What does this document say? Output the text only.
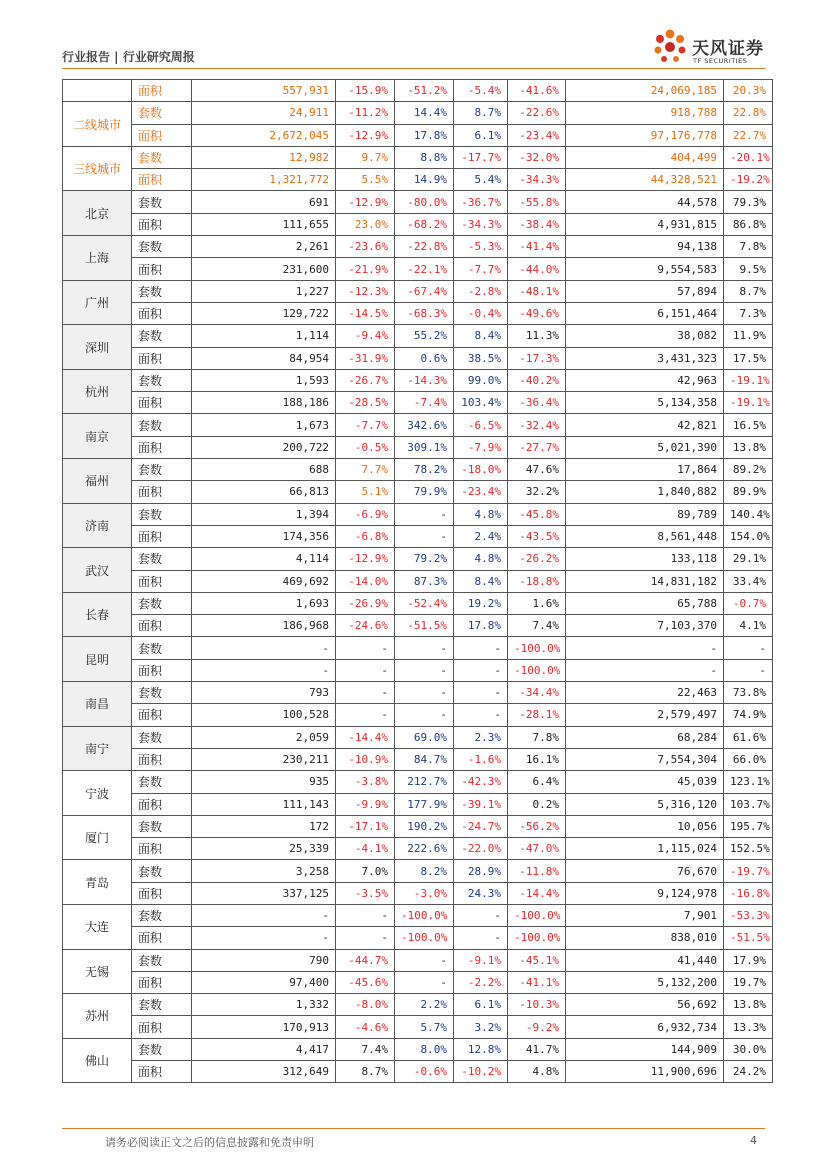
行业报告 | 行业研究周报	天风证券
TF SECURITIES
	面积	557,931	-15.9%	-51.2%	-5.4%	-41.6%	24,069,185	20.3%
二线城市	套数	24,911	-11.2%	14.4%	8.7%	-22.6%	918,788	22.8%
	面积	2,672,045	-12.9%	17.8%	6.1%	-23.4%	97,176,778	22.7%
三线城市	套数	12,982	9.7%	8.8%	-17.7%	-32.0%	404,499	-20.1%
	面积	1,321,772	5.5%	14.9%	5.4%	-34.3%	44,328,521	-19.2%
北京	套数	691	-12.9%	-80.0%	-36.7%	-55.8%	44,578	79.3%
	面积	111,655	23.0%	-68.2%	-34.3%	-38.4%	4,931,815	86.8%
上海	套数	2,261	-23.6%	-22.8%	-5.3%	-41.4%	94,138	7.8%
	面积	231,600	-21.9%	-22.1%	-7.7%	-44.0%	9,554,583	9.5%
广州	套数	1,227	-12.3%	-67.4%	-2.8%	-48.1%	57,894	8.7%
	面积	129,722	-14.5%	-68.3%	-0.4%	-49.6%	6,151,464	7.3%
深圳	套数	1,114	-9.4%	55.2%	8.4%	11.3%	38,082	11.9%
	面积	84,954	-31.9%	0.6%	38.5%	-17.3%	3,431,323	17.5%
杭州	套数	1,593	-26.7%	-14.3%	99.0%	-40.2%	42,963	-19.1%
	面积	188,186	-28.5%	-7.4%	103.4%	-36.4%	5,134,358	-19.1%
南京	套数	1,673	-7.7%	342.6%	-6.5%	-32.4%	42,821	16.5%
	面积	200,722	-0.5%	309.1%	-7.9%	-27.7%	5,021,390	13.8%
福州	套数	688	7.7%	78.2%	-18.0%	47.6%	17,864	89.2%
	面积	66,813	5.1%	79.9%	-23.4%	32.2%	1,840,882	89.9%
济南	套数	1,394	-6.9%	-	4.8%	-45.8%	89,789	140.4%
	面积	174,356	-6.8%	-	2.4%	-43.5%	8,561,448	154.0%
武汉	套数	4,114	-12.9%	79.2%	4.8%	-26.2%	133,118	29.1%
	面积	469,692	-14.0%	87.3%	8.4%	-18.8%	14,831,182	33.4%
长春	套数	1,693	-26.9%	-52.4%	19.2%	1.6%	65,788	-0.7%
	面积	186,968	-24.6%	-51.5%	17.8%	7.4%	7,103,370	4.1%
昆明	套数	-	-	-	-	-100.0%	-	-
	面积	-	-	-	-	-100.0%	-	-
南昌	套数	793	-	-	-	-34.4%	22,463	73.8%
	面积	100,528	-	-	-	-28.1%	2,579,497	74.9%
南宁	套数	2,059	-14.4%	69.0%	2.3%	7.8%	68,284	61.6%
	面积	230,211	-10.9%	84.7%	-1.6%	16.1%	7,554,304	66.0%
宁波	套数	935	-3.8%	212.7%	-42.3%	6.4%	45,039	123.1%
	面积	111,143	-9.9%	177.9%	-39.1%	0.2%	5,316,120	103.7%
厦门	套数	172	-17.1%	190.2%	-24.7%	-56.2%	10,056	195.7%
	面积	25,339	-4.1%	222.6%	-22.0%	-47.0%	1,115,024	152.5%
青岛	套数	3,258	7.0%	8.2%	28.9%	-11.8%	76,670	-19.7%
	面积	337,125	-3.5%	-3.0%	24.3%	-14.4%	9,124,978	-16.8%
大连	套数	-	-	-100.0%	-	-100.0%	7,901	-53.3%
	面积	-	-	-100.0%	-	-100.0%	838,010	-51.5%
无锡	套数	790	-44.7%	-	-9.1%	-45.1%	41,440	17.9%
	面积	97,400	-45.6%	-	-2.2%	-41.1%	5,132,200	19.7%
苏州	套数	1,332	-8.0%	2.2%	6.1%	-10.3%	56,692	13.8%
	面积	170,913	-4.6%	5.7%	3.2%	-9.2%	6,932,734	13.3%
佛山	套数	4,417	7.4%	8.0%	12.8%	41.7%	144,909	30.0%
	面积	312,649	8.7%	-0.6%	-10.2%	4.8%	11,900,696	24.2%
请务必阅读正文之后的信息披露和免责申明	4
